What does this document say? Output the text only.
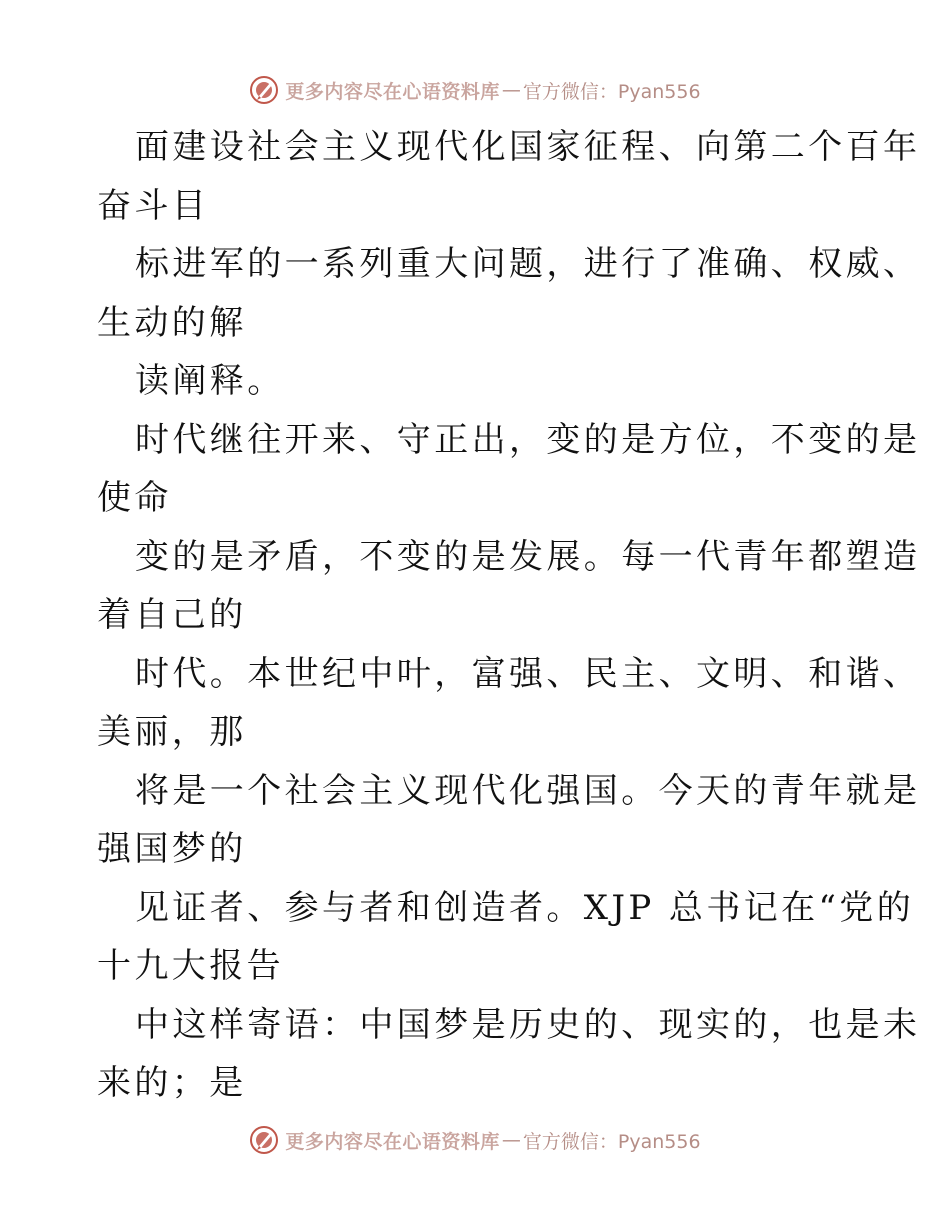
更多内容尽在心语资料库 — 官方微信：Pyan556
面建设社会主义现代化国家征程、向第二个百年
奋斗目
标进军的一系列重大问题，进行了准确、权威、
生动的解
读阐释。
时代继往开来、守正出，变的是方位，不变的是
使命
变的是矛盾，不变的是发展。每一代青年都塑造
着自己的
时代。本世纪中叶，富强、民主、文明、和谐、
美丽，那
将是一个社会主义现代化强国。今天的青年就是
强国梦的
见证者、参与者和创造者。XJP 总书记在“党的
十九大报告
中这样寄语：中国梦是历史的、现实的，也是未
来的；是
更多内容尽在心语资料库 — 官方微信：Pyan556
